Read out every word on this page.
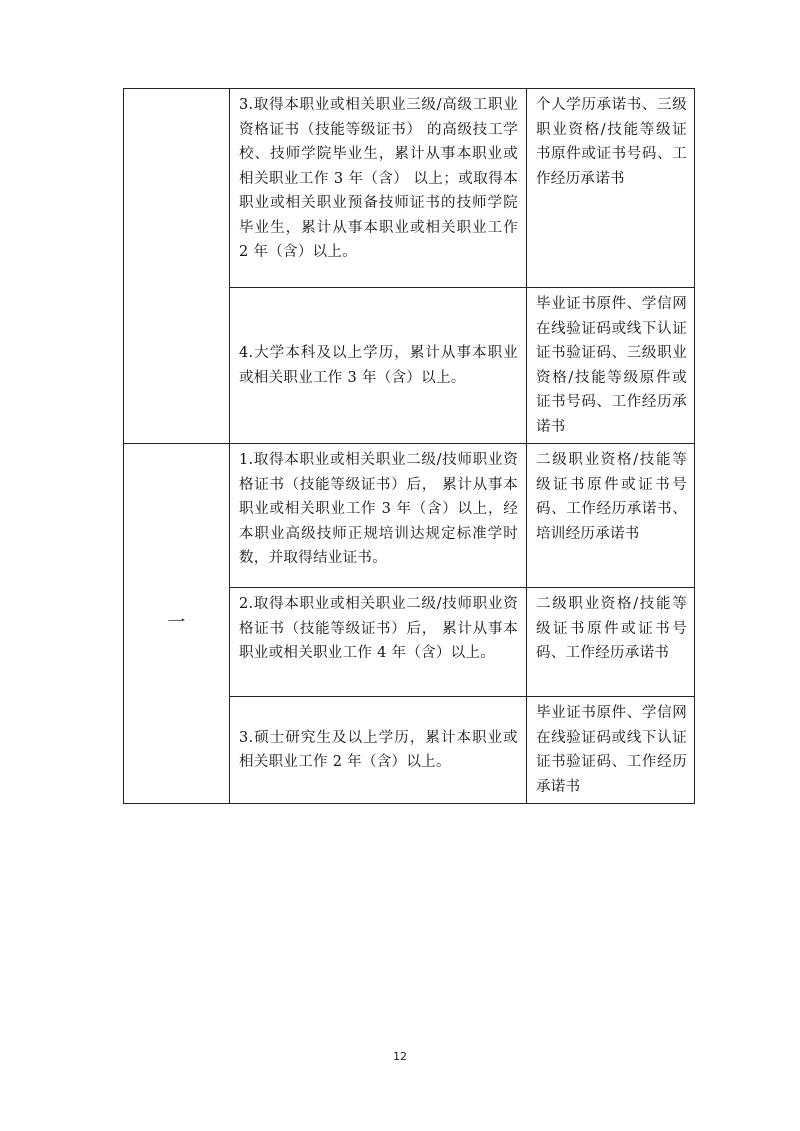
	3.取得本职业或相关职业三级/高级工职业资格证书（技能等级证书） 的高级技工学校、技师学院毕业生，累计从事本职业或相关职业工作 3 年（含） 以上；或取得本职业或相关职业预备技师证书的技师学院毕业生，累计从事本职业或相关职业工作 2 年（含）以上。	个人学历承诺书、三级职业资格/技能等级证书原件或证书号码、工作经历承诺书
	4.大学本科及以上学历，累计从事本职业或相关职业工作 3 年（含）以上。	毕业证书原件、学信网在线验证码或线下认证证书验证码、三级职业资格/技能等级原件或证书号码、工作经历承诺书
一	1.取得本职业或相关职业二级/技师职业资格证书（技能等级证书）后， 累计从事本职业或相关职业工作 3 年（含）以上，经本职业高级技师正规培训达规定标准学时数，并取得结业证书。	二级职业资格/技能等级证书原件或证书号码、工作经历承诺书、培训经历承诺书
	2.取得本职业或相关职业二级/技师职业资格证书（技能等级证书）后， 累计从事本职业或相关职业工作 4 年（含）以上。	二级职业资格/技能等级证书原件或证书号码、工作经历承诺书
	3.硕士研究生及以上学历，累计本职业或相关职业工作 2 年（含）以上。	毕业证书原件、学信网在线验证码或线下认证证书验证码、工作经历承诺书
12
